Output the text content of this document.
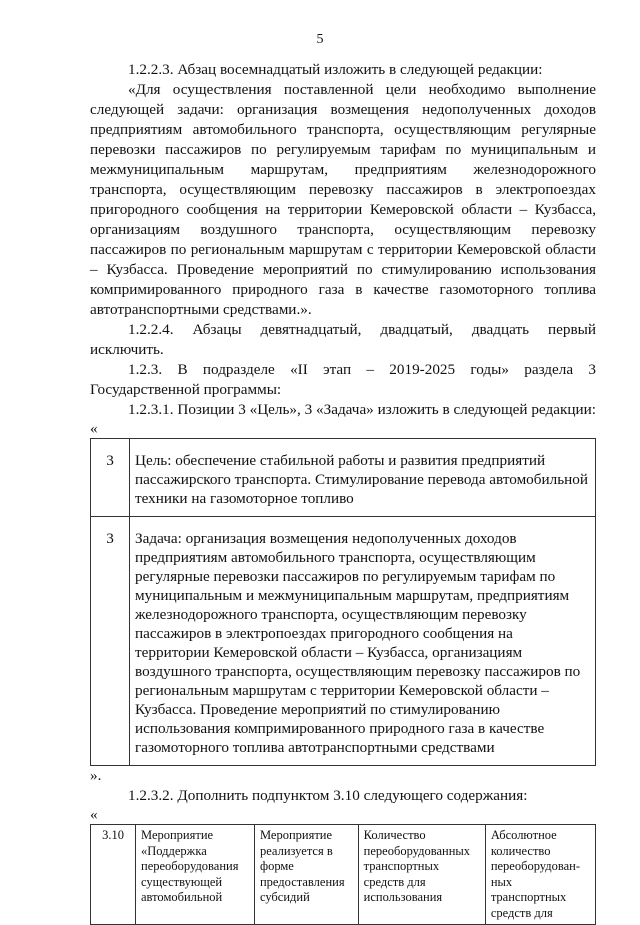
5

1.2.2.3. Абзац восемнадцатый изложить в следующей редакции:

«Для осуществления поставленной цели необходимо выполнение следующей задачи: организация возмещения недополученных доходов предприятиям автомобильного транспорта, осуществляющим регулярные перевозки пассажиров по регулируемым тарифам по муниципальным и межмуниципальным маршрутам, предприятиям железнодорожного транспорта, осуществляющим перевозку пассажиров в электропоездах пригородного сообщения на территории Кемеровской области – Кузбасса, организациям воздушного транспорта, осуществляющим перевозку пассажиров по региональным маршрутам с территории Кемеровской области – Кузбасса. Проведение мероприятий по стимулированию использования компримированного природного газа в качестве газомоторного топлива автотранспортными средствами.».

1.2.2.4. Абзацы девятнадцатый, двадцатый, двадцать первый исключить.

1.2.3. В подразделе «II этап – 2019-2025 годы» раздела 3 Государственной программы:

1.2.3.1. Позиции 3 «Цель», 3 «Задача» изложить в следующей редакции:

«

3	Цель: обеспечение стабильной работы и развития предприятий пассажирского транспорта. Стимулирование перевода автомобильной техники на газомоторное топливо
3	Задача: организация возмещения недополученных доходов предприятиям автомобильного транспорта, осуществляющим регулярные перевозки пассажиров по регулируемым тарифам по муниципальным и межмуниципальным маршрутам, предприятиям железнодорожного транспорта, осуществляющим перевозку пассажиров в электропоездах пригородного сообщения на территории Кемеровской области – Кузбасса, организациям воздушного транспорта, осуществляющим перевозку пассажиров по региональным маршрутам с территории Кемеровской области – Кузбасса. Проведение мероприятий по стимулированию использования компримированного природного газа в качестве газомоторного топлива автотранспортными средствами

».

1.2.3.2. Дополнить подпунктом 3.10 следующего содержания:

«

3.10	Мероприятие «Поддержка переоборудования существующей автомобильной	Мероприятие реализуется в форме предоставления субсидий	Количество переоборудованных транспортных средств для использования	Абсолютное количество переоборудован-ных транспортных средств для
